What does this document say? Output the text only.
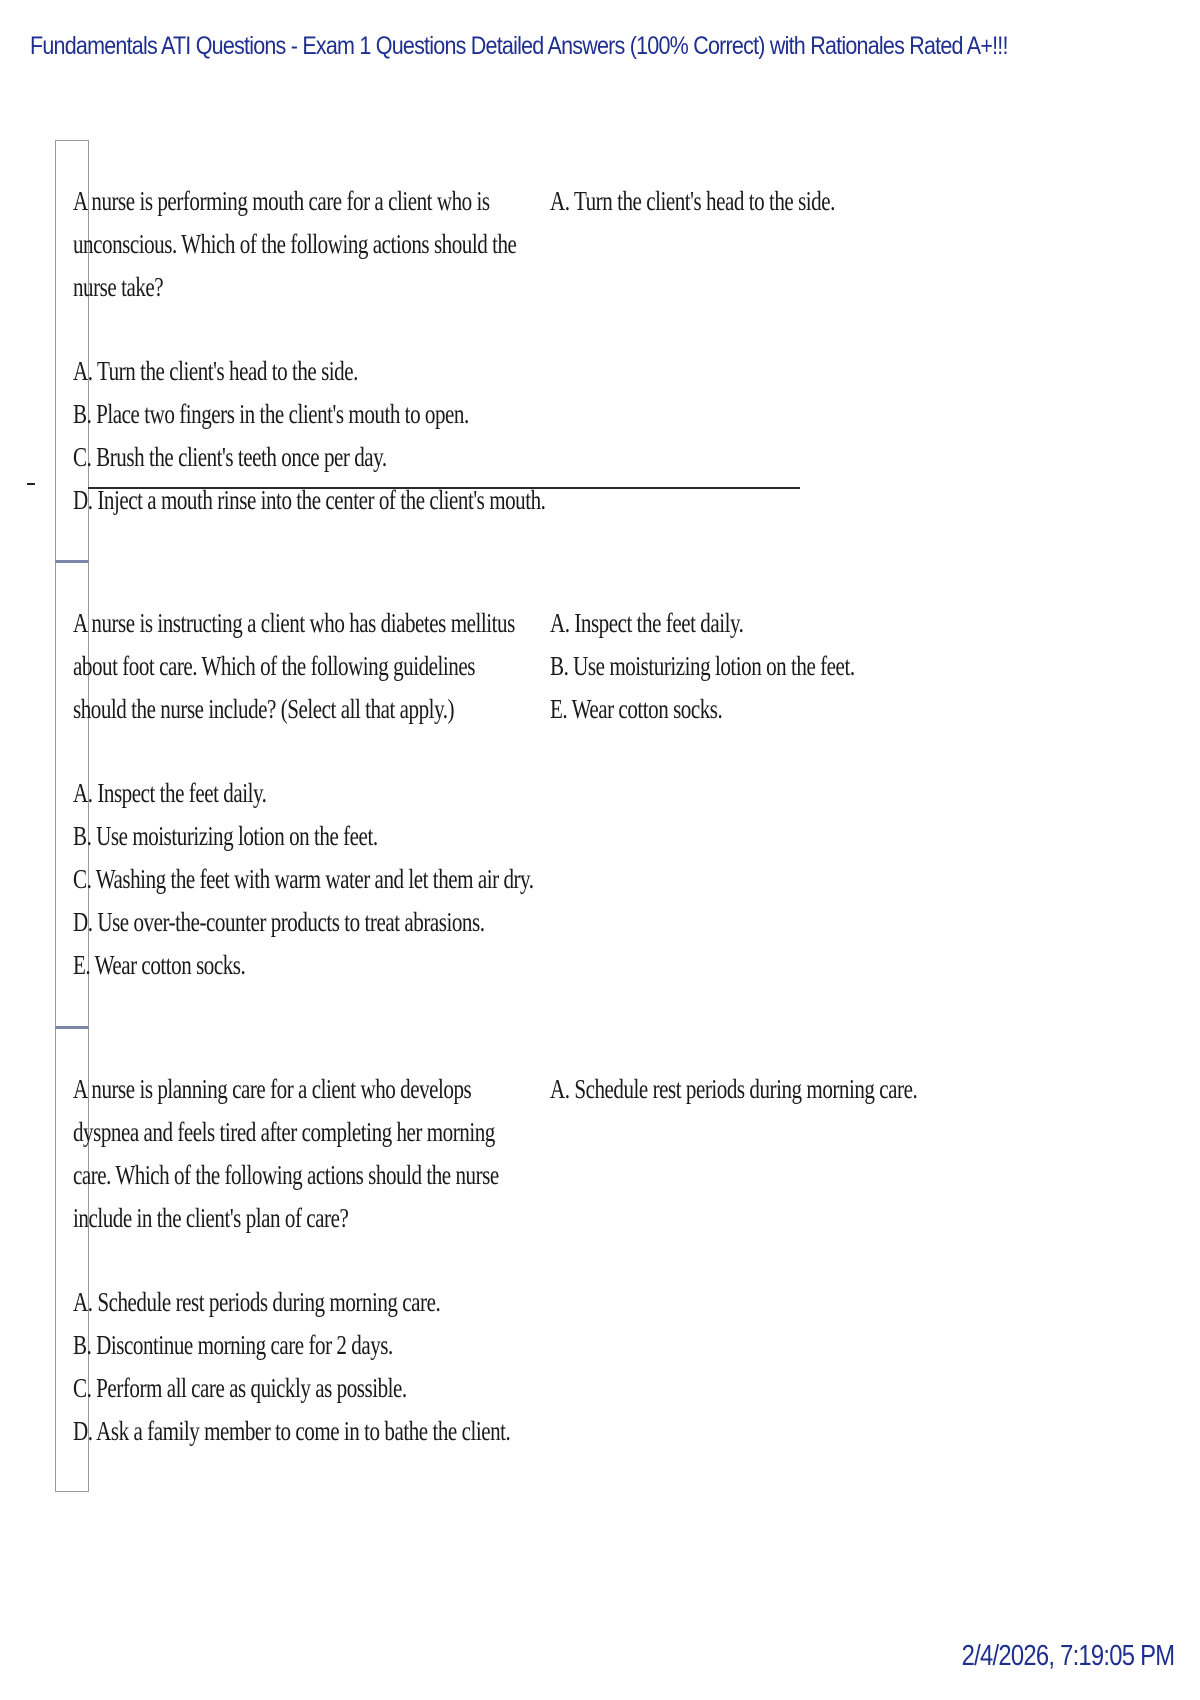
Fundamentals ATI Questions - Exam 1 Questions Detailed Answers (100% Correct) with Rationales Rated A+!!!
A nurse is performing mouth care for a client who is unconscious. Which of the following actions should the nurse take?
A. Turn the client's head to the side.
B. Place two fingers in the client's mouth to open.
C. Brush the client's teeth once per day.
D. Inject a mouth rinse into the center of the client's mouth.
A. Turn the client's head to the side.
A nurse is instructing a client who has diabetes mellitus about foot care. Which of the following guidelines should the nurse include? (Select all that apply.)
A. Inspect the feet daily.
B. Use moisturizing lotion on the feet.
C. Washing the feet with warm water and let them air dry.
D. Use over-the-counter products to treat abrasions.
E. Wear cotton socks.
A. Inspect the feet daily.
B. Use moisturizing lotion on the feet.
E. Wear cotton socks.
A nurse is planning care for a client who develops dyspnea and feels tired after completing her morning care. Which of the following actions should the nurse include in the client's plan of care?
A. Schedule rest periods during morning care.
B. Discontinue morning care for 2 days.
C. Perform all care as quickly as possible.
D. Ask a family member to come in to bathe the client.
A. Schedule rest periods during morning care.
2/4/2026, 7:19:05 PM
